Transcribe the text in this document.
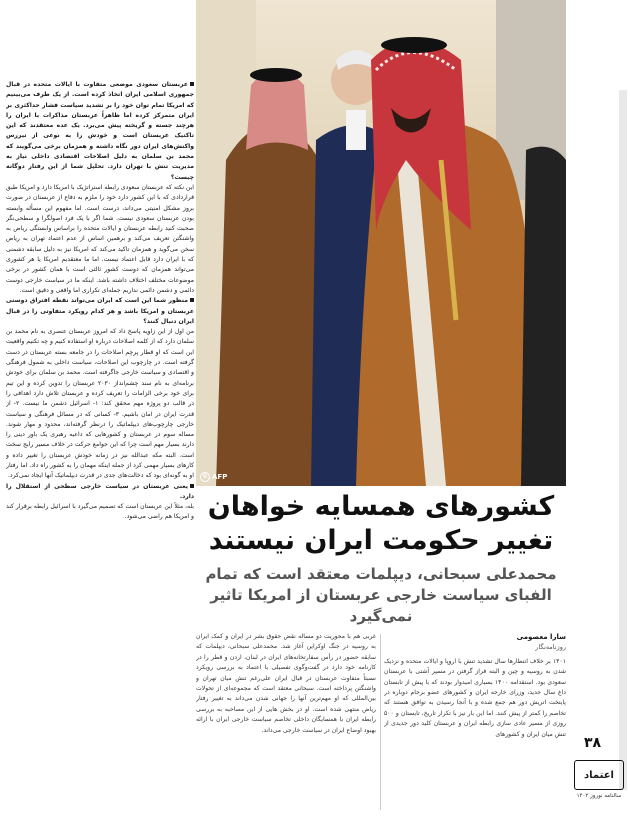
عربستان سعودی موضعی متفاوت با ایالات متحده در قبال جمهوری اسلامی ایران اتخاذ کرده است. از یک طرف می‌بینیم که امریکا تمام توان خود را بر تشدید سیاست فشار حداکثری بر ایران متمرکز کرده اما ظاهراً عربستان مذاکرات با ایران را هرچند جسته و گریخته پیش می‌برد. یک عده معتقدند که این تاکتیک عربستان است و خودش را به نوعی از تیررس واکنش‌های ایران دور نگاه داشته و همزمان برخی می‌گویند که محمد بن سلمان به دلیل اصلاحات اقتصادی داخلی نیاز به مدیریت تنش با تهران دارد. تحلیل شما از این رفتار دوگانه چیست؟

این نکته که عربستان سعودی رابطه استراتژیک با امریکا دارد و امریکا طبق قراردادی که با این کشور دارد خود را ملزم به دفاع از عربستان در صورت بروز مشکل امنیتی می‌داند، درست است. اما مفهوم این مسأله وابسته بودن عربستان سعودی نیست. شما اگر با یک فرد اصولگرا و سطحی‌نگر صحبت کنید رابطه عربستان و ایالات متحده را براساس وابستگی ریاض به واشنگتن تعریف می‌کند و برهمین اساس از عدم اعتماد تهران به ریاض سخن می‌گوید و همزمان تاکید می‌کند که امریکا نیز به دلیل سابقه دشمنی که با ایران دارد قابل اعتماد نیست. اما ما معتقدیم امریکا یا هر کشوری می‌تواند همزمان که دوست کشور ثالثی است با همان کشور در برخی موضوعات مختلف اختلاف داشته باشد. اینکه ما در سیاست خارجی دوست دائمی و دشمن دائمی نداریم جمله‌ای تکراری اما واقعی و دقیق است.

منظور شما این است که ایران می‌تواند نقطه افتراق دوستی عربستان و امریکا باشد و هر کدام رویکرد متفاوتی را در قبال ایران دنبال کنند؟

من اول از این زاویه پاسخ داد که امروز عربستان عنصری به نام محمد بن سلمان دارد که از کلمه اصلاحات درباره او استفاده کنیم و چه تکنیم واقعیت این است که او قطار پرچم اصلاحات را در جامعه بسته عربستان در دست گرفته است. در چارچوب این اصلاحات، سیاست داخلی به شمول فرهنگی و اقتصادی و سیاست خارجی جاگرفته است. محمد بن سلمان برای خودش برنامه‌ای به نام سند چشم‌انداز ۲۰۳۰ عربستان را تدوین کرده و این تیم برای خود برخی الزامات را تعریف کرده و عربستان تلاش دارد اهدافی را در قالب دو پروژه مهم محقق کند: ۱- اسرائیل دشمن ما نیست. ۲- از قدرت ایران در امان باشیم. ۳- کسانی که در مسائل فرهنگی و سیاست خارجی چارچوب‌های دیپلماتیک را درنظر گرفته‌اند، محدود و مهار شوند. مساله سوم در عربستان و کشورهایی که داعیه رهبری یک باور دینی را دارند بسیار مهم است چرا که این جوامع حرکت در خلاف مسیر رایج سخت است. البته مکه عبدالله نیز در زمانه خودش عربستان را تغییر داده و کارهای بسیار مهمی کرد از جمله اینکه مهمان را به کشور راه داد. اما رفتار او به گونه‌ای بود که دخالت‌های جدی در قدرت دیپلماتیک آنها ایجاد نمی‌کرد.

یعنی عربستان در سیاست خارجی سطحی از استقلال را دارد.

بله، مثلاً این عربستان است که تصمیم می‌گیرد با اسرائیل رابطه برقرار کند و امریکا هم راضی می‌شود.

© AFP
کشورهای همسایه خواهان تغییر حکومت ایران نیستند
محمدعلی سبحانی، دیپلمات معتقد است که تمام الفبای سیاست خارجی عربستان از امریکا تاثیر نمی‌گیرد
سارا معصومی
روزنامه‌نگار

۱۴۰۱ بر خلاف انتظارها سال تشدید تنش با اروپا و ایالات متحده و نزدیک شدن به روسیه و چین و البته فراز گرفتن در مسیر آشتی با عربستان سعودی بود. استقدامه ۱۴۰۰ بسیاری امیدوار بودند که با پیش از تابستان داغ سال جدید، وزرای خارجه ایران و کشورهای عضو برجام دوباره در پایتخت اتریش دور هم جمع شده و با آنجا رسیدن به توافق هستند که تخاصم را کمتر از پیش کنند. اما این بار نیز با تکرار تاریخ، تابستان و ۵۰۰ روزی از مسیر عادی سازی رابطه ایران و عربستان کلید دور جدیدی از تنش میان ایران و کشورهای

غربی هم با محوریت دو مساله نقض حقوق بشر در ایران و کمک ایران به روسیه در جنگ اوکراین آغاز شد. محمدعلی سبحانی، دیپلمات که سابقه حضور در رأس سفارتخانه‌های ایران در لبنان، اردن و قطر را در کارنامه خود دارد در گفت‌وگوی تفصیلی با اعتماد به بررسی رویکرد نسبتاً متفاوت عربستان در قبال ایران علی‌رغم تنش میان تهران و واشنگتن پرداخته است. سبحانی معتقد است که مجموعه‌ای از تحولات بین‌المللی که او مهم‌ترین آنها را جهانی شدن می‌داند به تغییر رفتار ریاض منتهی شده است. او در بخش هایی از این مصاحبه به بررسی رابطه ایران با همسایگان داخلی تخاصم سیاست خارجی ایران با ارائه بهبود اوضاع ایران در سیاست خارجی می‌داند.

۳۸
اعتماد
سالنامه نوروز ۱۴۰۲
